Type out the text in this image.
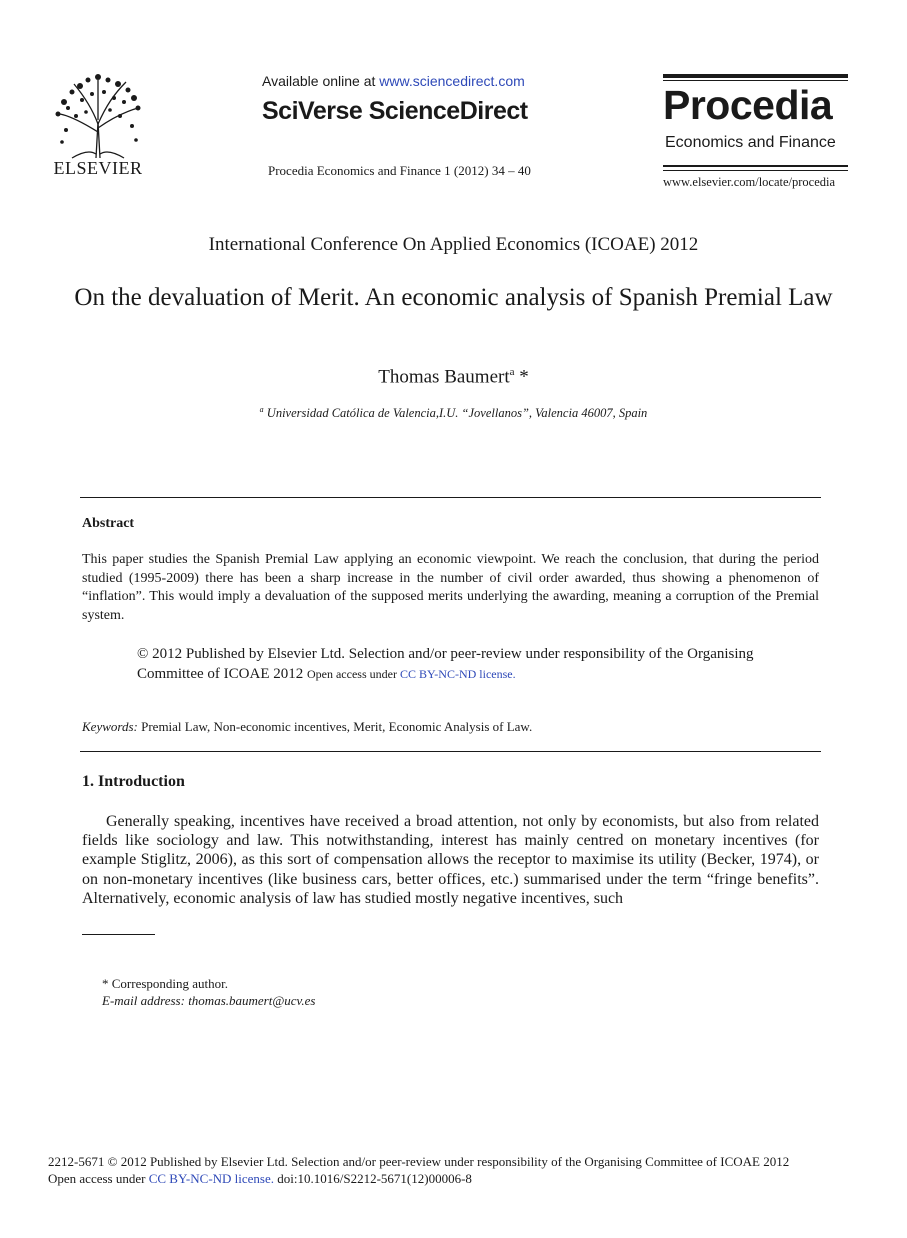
ELSEVIER
Available online at www.sciencedirect.com
SciVerse ScienceDirect
Procedia Economics and Finance 1 (2012) 34 – 40
Procedia
Economics and Finance
www.elsevier.com/locate/procedia
International Conference On Applied Economics (ICOAE) 2012
On the devaluation of Merit. An economic analysis of Spanish Premial Law
Thomas Baumert$^a$ *
$^a$ Universidad Católica de Valencia,I.U. “Jovellanos”, Valencia 46007, Spain
Abstract
This paper studies the Spanish Premial Law applying an economic viewpoint. We reach the conclusion, that during the period studied (1995-2009) there has been a sharp increase in the number of civil order awarded, thus showing a phenomenon of “inflation”. This would imply a devaluation of the supposed merits underlying the awarding, meaning a corruption of the Premial system.
© 2012 Published by Elsevier Ltd. Selection and/or peer-review under responsibility of the Organising Committee of ICOAE 2012 Open access under CC BY-NC-ND license.
Keywords: Premial Law, Non-economic incentives, Merit, Economic Analysis of Law.
1. Introduction
Generally speaking, incentives have received a broad attention, not only by economists, but also from related fields like sociology and law. This notwithstanding, interest has mainly centred on monetary incentives (for example Stiglitz, 2006), as this sort of compensation allows the receptor to maximise its utility (Becker, 1974), or on non-monetary incentives (like business cars, better offices, etc.) summarised under the term “fringe benefits”. Alternatively, economic analysis of law has studied mostly negative incentives, such
* Corresponding author.
E-mail address: thomas.baumert@ucv.es
2212-5671 © 2012 Published by Elsevier Ltd. Selection and/or peer-review under responsibility of the Organising Committee of ICOAE 2012
Open access under CC BY-NC-ND license. doi:10.1016/S2212-5671(12)00006-8
